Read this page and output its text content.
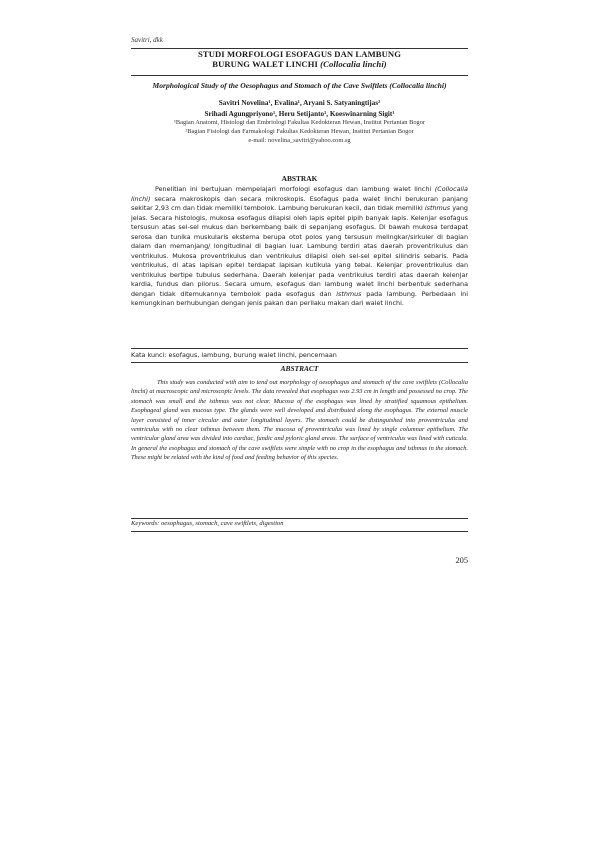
Savitri, dkk
STUDI MORFOLOGI ESOFAGUS DAN LAMBUNG
BURUNG WALET LINCHI (Collocalia linchi)
Morphological Study of the Oesophagus and Stomach of the Cave Swiftlets (Collocalia linchi)
Savitri Novelina¹, Evalina¹, Aryani S. Satyaningtijas²
Srihadi Agungpriyono¹, Heru Setijanto¹, Koeswinarning Sigit¹
¹Bagian Anatomi, Histologi dan Embriologi Fakultas Kedokteran Hewan, Institut Pertanian Bogor
²Bagian Fisiologi dan Farmakologi Fakultas Kedokteran Hewan, Institut Pertanian Bogor
e-mail: novelina_savitri@yahoo.com.sg
ABSTRAK
Penelitian ini bertujuan mempelajari morfologi esofagus dan lambung walet linchi (Collocalia linchi) secara makroskopis dan secara mikroskopis. Esofagus pada walet linchi berukuran panjang sekitar 2,93 cm dan tidak memiliki tembolok. Lambung berukuran kecil, dan tidak memiliki isthmus yang jelas. Secara histologis, mukosa esofagus dilapisi oleh lapis epitel pipih banyak lapis. Kelenjar esofagus tersusun atas sel-sel mukus dan berkembang baik di sepanjang esofagus. Di bawah mukosa terdapat serosa dan tunika muskularis eksterna berupa otot polos yang tersusun melingkar/sirkuler di bagian dalam dan memanjang/ longitudinal di bagian luar. Lambung terdiri atas daerah proventrikulus dan ventrikulus. Mukosa proventrikulus dan ventrikulus dilapisi oleh sel-sel epitel silindris sebaris. Pada ventrikulus, di atas lapisan epitel terdapat lapisan kutikula yang tebal. Kelenjar proventrikulus dan ventrikulus bertipe tubulus sederhana. Daerah kelenjar pada ventrikulus terdiri atas daerah kelenjar kardia, fundus dan pilorus. Secara umum, esofagus dan lambung walet linchi berbentuk sederhana dengan tidak ditemukannya tembolok pada esofagus dan isthmus pada lambung. Perbedaan ini kemungkinan berhubungan dengan jenis pakan dan perilaku makan dari walet linchi.
Kata kunci: esofagus, lambung, burung walet linchi, pencernaan
ABSTRACT
This study was conducted with aim to tend out morphology of oesophagus and stomach of the cave swiftlets (Collocalia linchi) at macroscopic and microscopic levels. The data revealed that esophagus was 2.93 cm in length and possessed no crop. The stomach was small and the isthmus was not clear. Mucosa of the esophagus was lined by stratified squamous epithelium. Esophageal gland was mucous type. The glands were well developed and distributed along the esophagus. The external muscle layer consisted of inner circular and outer longitudinal layers. The stomach could be distinguished into proventriculus and ventriculus with no clear isthmus between them. The mucosa of proventriculus was lined by single columnar epithelium. The ventricular gland area was divided into cardiac, fundic and pyloric gland areas. The surface of ventriculus was lined with cuticula. In general the esophagus and stomach of the cave swiftlets were simple with no crop in the esophagus and isthmus in the stomach. These might be related with the kind of food and feeding behavior of this species.
Keywords: oesophagus, stomach, cave swiftlets, digestion
205
